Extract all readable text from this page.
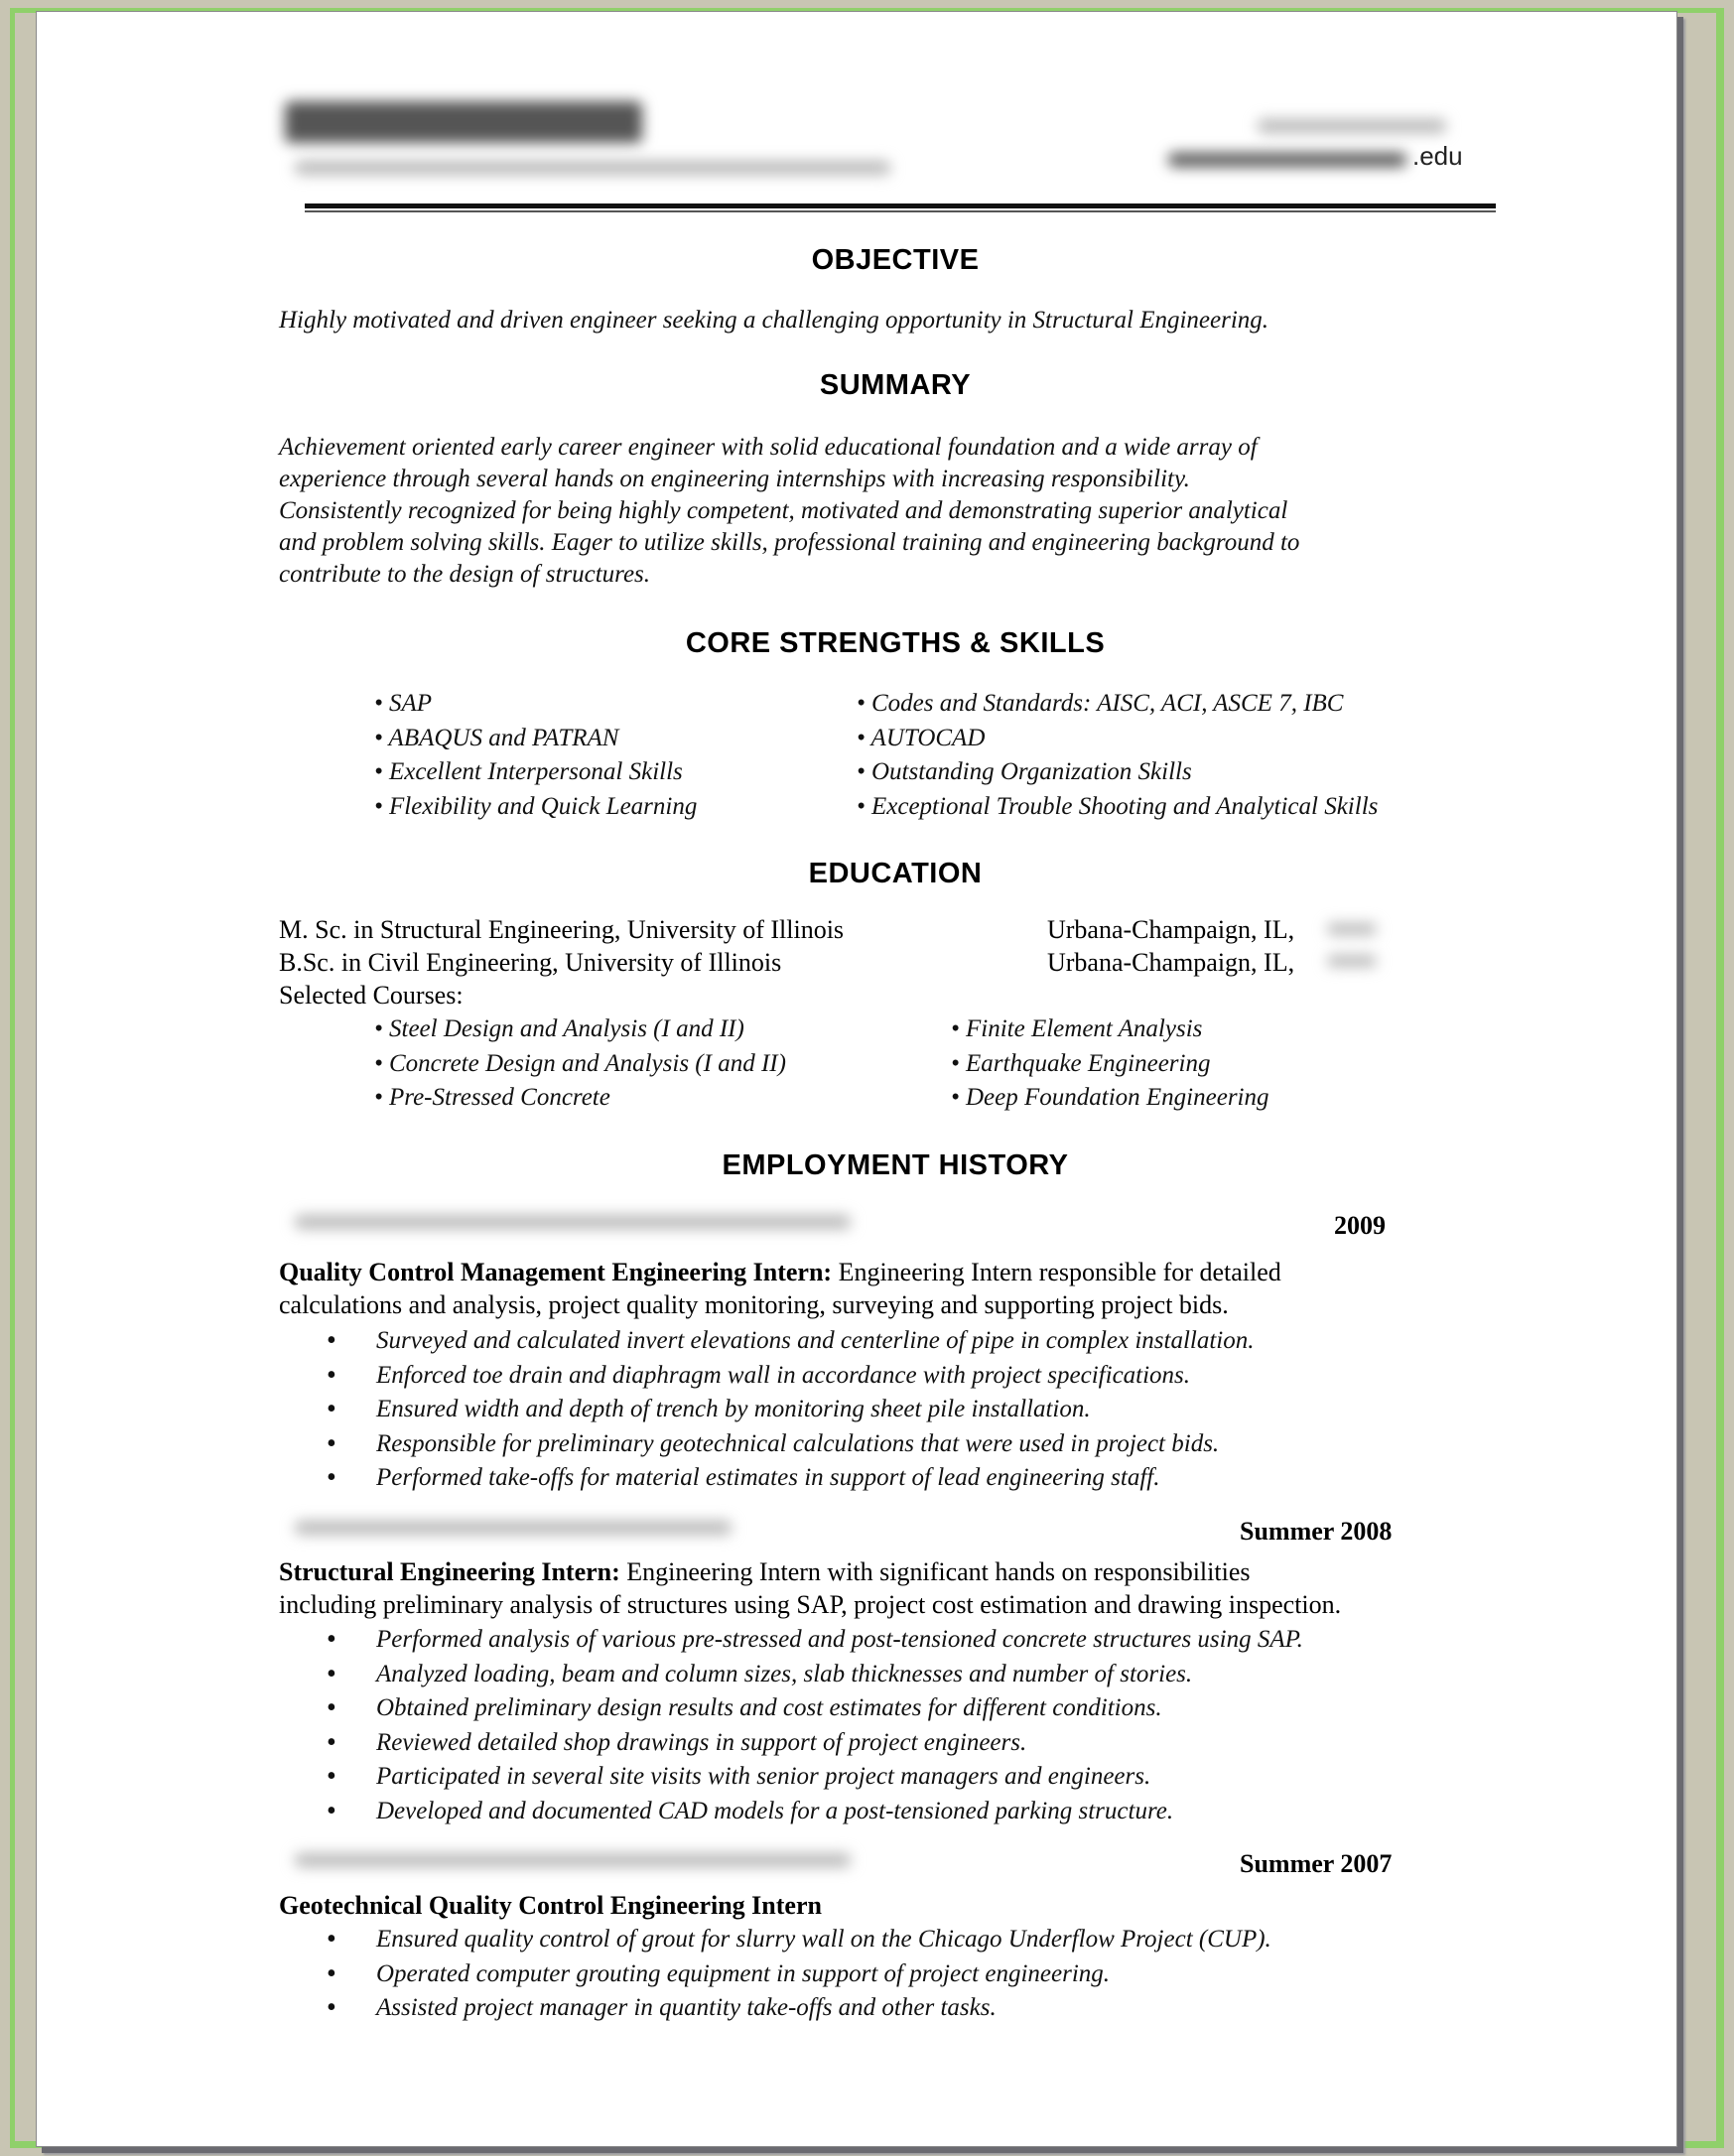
.edu
OBJECTIVE
Highly motivated and driven engineer seeking a challenging opportunity in Structural Engineering.
SUMMARY
Achievement oriented early career engineer with solid educational foundation and a wide array of
experience through several hands on engineering internships with increasing responsibility.
Consistently recognized for being highly competent, motivated and demonstrating superior analytical
and problem solving skills. Eager to utilize skills, professional training and engineering background to
contribute to the design of structures.
CORE STRENGTHS & SKILLS
• SAP
• ABAQUS and PATRAN
• Excellent Interpersonal Skills
• Flexibility and Quick Learning
• Codes and Standards: AISC, ACI, ASCE 7, IBC
• AUTOCAD
• Outstanding Organization Skills
• Exceptional Trouble Shooting and Analytical Skills
EDUCATION
M. Sc. in Structural Engineering, University of Illinois	Urbana-Champaign, IL,
B.Sc. in Civil Engineering, University of Illinois	Urbana-Champaign, IL,
Selected Courses:
• Steel Design and Analysis (I and II)
• Concrete Design and Analysis (I and II)
• Pre-Stressed Concrete
• Finite Element Analysis
• Earthquake Engineering
• Deep Foundation Engineering
EMPLOYMENT HISTORY
2009
Quality Control Management Engineering Intern: Engineering Intern responsible for detailed
calculations and analysis, project quality monitoring, surveying and supporting project bids.
• Surveyed and calculated invert elevations and centerline of pipe in complex installation.
• Enforced toe drain and diaphragm wall in accordance with project specifications.
• Ensured width and depth of trench by monitoring sheet pile installation.
• Responsible for preliminary geotechnical calculations that were used in project bids.
• Performed take-offs for material estimates in support of lead engineering staff.
Summer 2008
Structural Engineering Intern: Engineering Intern with significant hands on responsibilities
including preliminary analysis of structures using SAP, project cost estimation and drawing inspection.
• Performed analysis of various pre-stressed and post-tensioned concrete structures using SAP.
• Analyzed loading, beam and column sizes, slab thicknesses and number of stories.
• Obtained preliminary design results and cost estimates for different conditions.
• Reviewed detailed shop drawings in support of project engineers.
• Participated in several site visits with senior project managers and engineers.
• Developed and documented CAD models for a post-tensioned parking structure.
Summer 2007
Geotechnical Quality Control Engineering Intern
• Ensured quality control of grout for slurry wall on the Chicago Underflow Project (CUP).
• Operated computer grouting equipment in support of project engineering.
• Assisted project manager in quantity take-offs and other tasks.
